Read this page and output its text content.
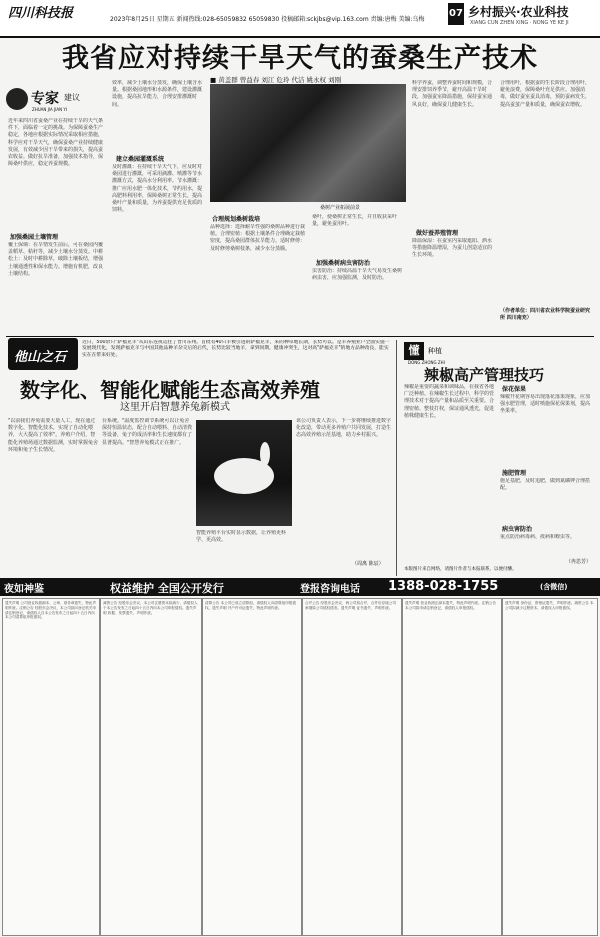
四川科技报	2023年8月25日 星期五 新闻热线:028-65059832 65059830 投稿邮箱:sckjbs@vip.163.com 责编:唐梅 美编:乌梅
07 乡村振兴·农业科技
XIANG CUN ZHEN XING · NONG YE KE JI
我省应对持续干旱天气的蚕桑生产技术
■ 黄盖群 曾益春 刘江 危玲 代洁 姚永权 刘刚
专家 建议
ZHUAN JIA JIAN YI
近年来四川省蚕桑产业在持续干旱的天气条件下，面临着一定的挑战。为保障蚕桑生产稳定，各地应根据实际情况采取相应措施，科学应对干旱天气，确保蚕桑产业持续健康发展，有效减少因干旱带来的损失，提高蚕农收益。做好抗旱准备，加强技术指导，保障桑叶供应，稳定养蚕规模。
加强桑园土壤管理
覆土保墒：在旱情发生前后，可在桑园内覆盖稻草、秸秆等，减少土壤水分蒸发。中耕松土：及时中耕除草，破除土壤板结，增强土壤通透性和保水能力。增施有机肥，改良土壤结构。
效率，减少土壤水分蒸发，确保土壤含水量。根据桑园地形和水源条件，建设灌溉设施，提高抗旱能力，合理安排灌溉时间。
建立桑园灌溉系统
及时灌溉：在持续干旱天气下，应及时对桑园进行灌溉，可采用滴灌、喷灌等节水灌溉方式，提高水分利用率。节水灌溉：推广应用水肥一体化技术，节约用水，提高肥料利用率，保障桑树正常生长，提高桑叶产量和质量，为养蚕提供充足优质的饲料。	桑树产业拓展前景
合理规划桑树栽培
品种选择：选择耐旱性强的桑树品种进行栽植。合理密植：根据土壤条件合理确定栽植密度，提高桑园群体抗旱能力。适时修剪：及时修剪桑树枝条，减少水分蒸腾。
桑叶，使桑树正常生长，并且收获采叶量，避免蚕用叶。
加强桑树病虫害防治
虫害防治：持续高温干旱天气易发生桑树病虫害，应加强监测，及时防治。
科学养蚕，调整养蚕时间和规模，合理安排饲养季节，避开高温干旱时段，加强蚕室降温措施，保持蚕室通风良好，确保蚕儿健康生长。
做好蚕养殖管理
降温保湿：在蚕室内采取遮阳、洒水等措施降温增湿，为蚕儿创造适宜的生长环境。
合理用叶，根据蚕的生长阶段合理用叶，避免浪费，保障桑叶充足供应。加强消毒，做好蚕室蚕具消毒，预防蚕病发生，提高蚕茧产量和质量，确保蚕农增收。
（作者单位：四川省农业科学院蚕业研究所 四川南充）
他山之石
近日，500余只"萨福克羊"从山东连夜运往了晋川东州。首批有40只羊被引进的萨福克羊，来的种草地长期，长势可以。是羊养殖业户全面实施一发展现代化，发现萨福克羊与中国其他品种羊杂交后的后代，长势比较当地羊，拿到同期，健康冲突生，这对高"萨福克羊"的地方品种改良，能实实在在带来好处。
数字化、智能化赋能生态高效养殖
这里开启智慧养兔新模式
"以前我们养兔需要大量人工，现在通过数字化、智能化技术，实现了自动化喂养，大大提高了效率"。养殖户介绍，智能化养殖场通过数据监测，实时掌握兔舍环境和兔子生长情况。
台系统。"温度监控调节系统可以让兔舍保持恒温状态，配合自动喂料、自动清粪等设备，兔子的成活率和生长速度都有了显著提高。"智慧养兔模式正在推广。
智能养殖平台实时显示数据，让养殖更科学、更高效。
该公司负责人表示，下一步将继续推进数字化改造，带动更多养殖户共同发展，打造生态高效养殖示范基地，助力乡村振兴。
（周离 陈辰）
懂	种植
DONG ZHONG ZHI
辣椒高产管理技巧
辣椒是重要的蔬菜和调味品，在我省各地广泛种植。在辣椒生长过程中，科学的管理技术对于提高产量和品质至关重要。合理密植、整枝打杈，保证通风透光，促进植株健康生长。
保花保果
辣椒开花期容易出现落花落果现象，应加强水肥管理，适时喷施保花保果剂，提高坐果率。
施肥管理
施足基肥，及时追肥，做到氮磷钾合理搭配。
病虫害防治
重点防治病毒病、疫病和蚜虫等。
（冉思芳）
本版图片来自网络，请图片作者与本报联系，以便付酬。
夜如神鉴	权益维护 全国公开发行	登报咨询电话 1388-028-1755	(含微信)
遗失声明 公司营业执照副本、公章、财务章遗失，特此声明作废。注销公告 经股东会决议，本公司拟向登记机关申请注销登记，请债权人自本公告发布之日起四十五日内向本公司清算组申报债权。
减资公告 经股东会决议，本公司注册资本拟减少，请债权人于本公告发布之日起四十五日内向本公司申报债权。遗失声明 收据、发票遗失，声明作废。
清算公告 本公司已成立清算组，请债权人向清算组申报债权。遗失声明 开户许可证遗失，特此声明作废。
合并公告 经股东会决议，两公司拟合并，合并后存续公司承继原公司债权债务。遗失声明 证书遗失，声明作废。
遗失声明 营业执照正副本遗失，特此声明作废。注销公告 本公司拟申请注销登记，请债权人申报债权。
遗失声明 身份证、资格证遗失，声明作废。减资公告 本公司拟减少注册资本，请债权人申报债权。
